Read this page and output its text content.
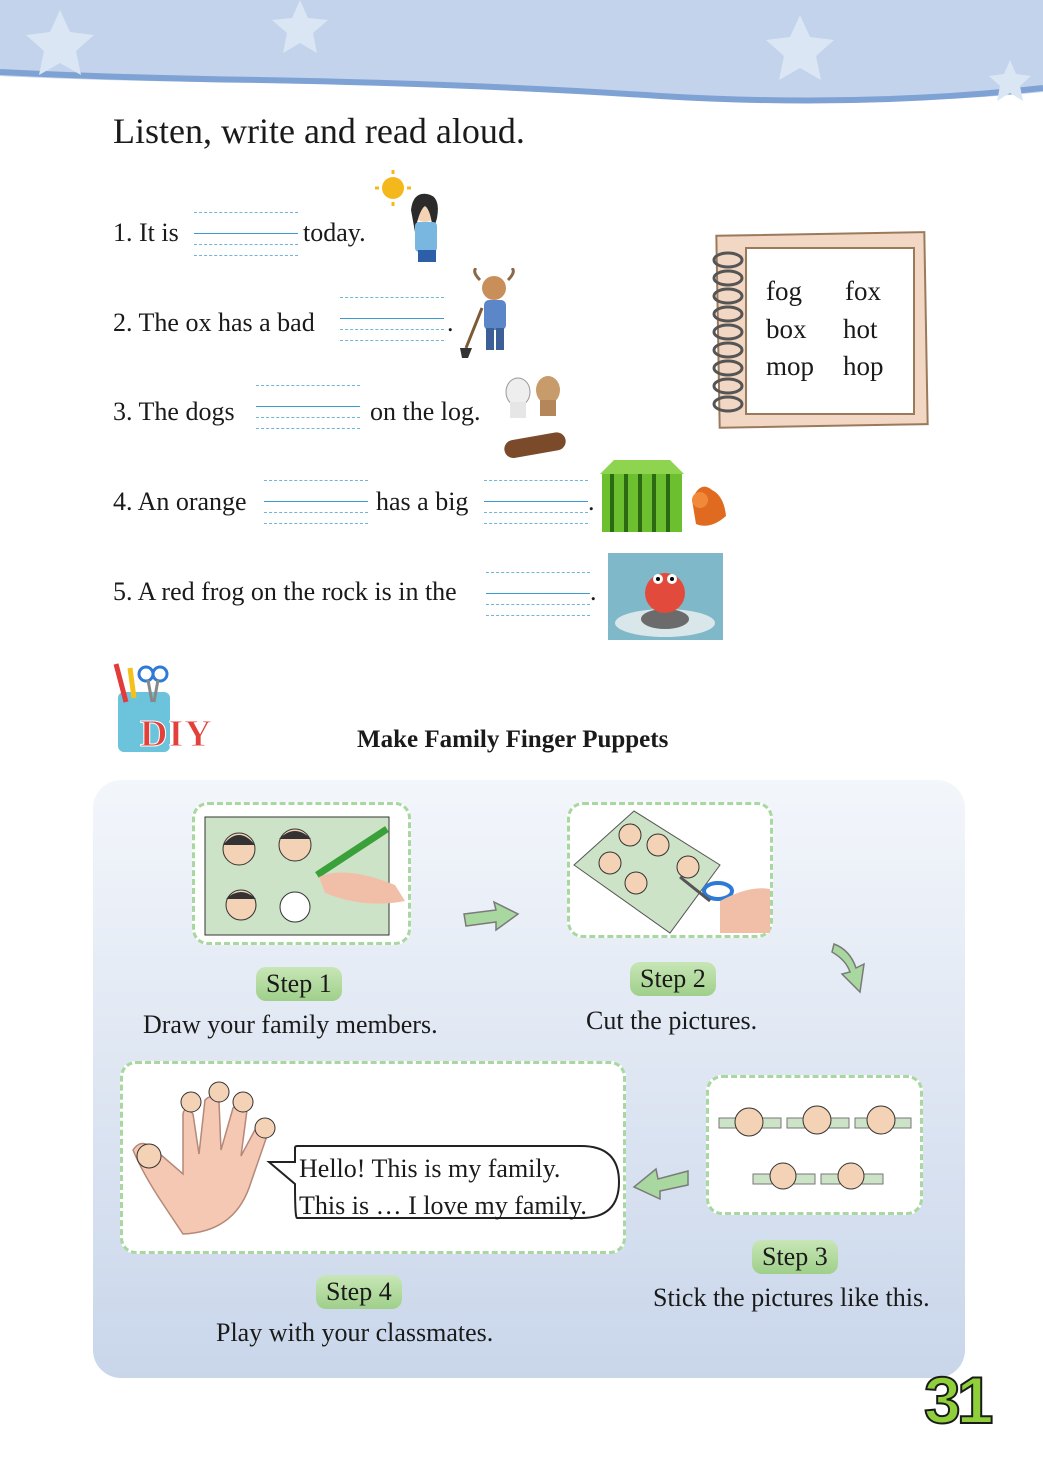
Listen, write and read aloud.
1. It is	today.
2. The ox has a bad	.
3. The dogs	on the log.
4. An orange	has a big	.
5. A red frog on the rock is in the	.
fog fox
box hot
mop hop
DIY	Make Family Finger Puppets
Step 1
Draw your family members.
Step 2
Cut the pictures.
Step 3
Stick the pictures like this.
Hello! This is my family.
This is … I love my family.
Step 4
Play with your classmates.
31
